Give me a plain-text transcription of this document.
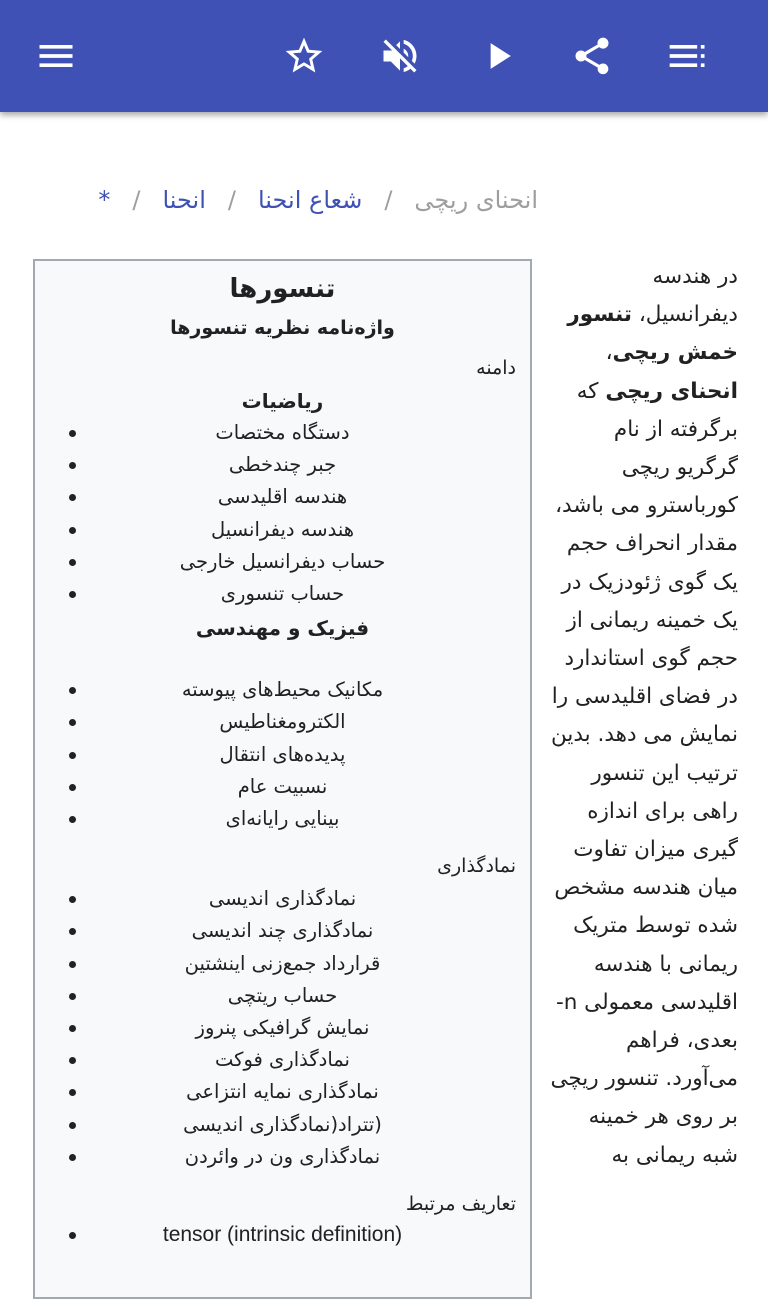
انحنای ریچی
/
شعاع انحنا
/
انحنا
/
*
در هندسه دیفرانسیل، تنسور خمش ریچی، انحنای ریچی که برگرفته از نام گرگریو ریچی کورباسترو می باشد، مقدار انحراف حجم یک گوی ژئودزیک در یک خمینه ریمانی از حجم گوی استاندارد در فضای اقلیدسی را نمایش می دهد. بدین ترتیب این تنسور راهی برای اندازه گیری میزان تفاوت میان هندسه مشخص شده توسط متریک ریمانی با هندسه اقلیدسی معمولی n-بعدی، فراهم می‌آورد. تنسور ریچی بر روی هر خمینه شبه ریمانی به
تنسورها
واژه‌نامه نظریه تنسورها
دامنه
ریاضیات
دستگاه مختصات
جبر چندخطی
هندسه اقلیدسی
هندسه دیفرانسیل
حساب دیفرانسیل خارجی
حساب تنسوری
فیزیک و مهندسی
مکانیک محیط‌های پیوسته
الکترومغناطیس
پدیده‌های انتقال
نسبیت عام
بینایی رایانه‌ای
نمادگذاری
نمادگذاری اندیسی
نمادگذاری چند اندیسی
قرارداد جمع‌زنی اینشتین
حساب ریتچی
نمایش گرافیکی پنروز
نمادگذاری فوکت
نمادگذاری نمایه انتزاعی
(تتراد(نمادگذاری اندیسی
نمادگذاری ون در وائردن
تعاریف مرتبط
tensor (intrinsic definition)
